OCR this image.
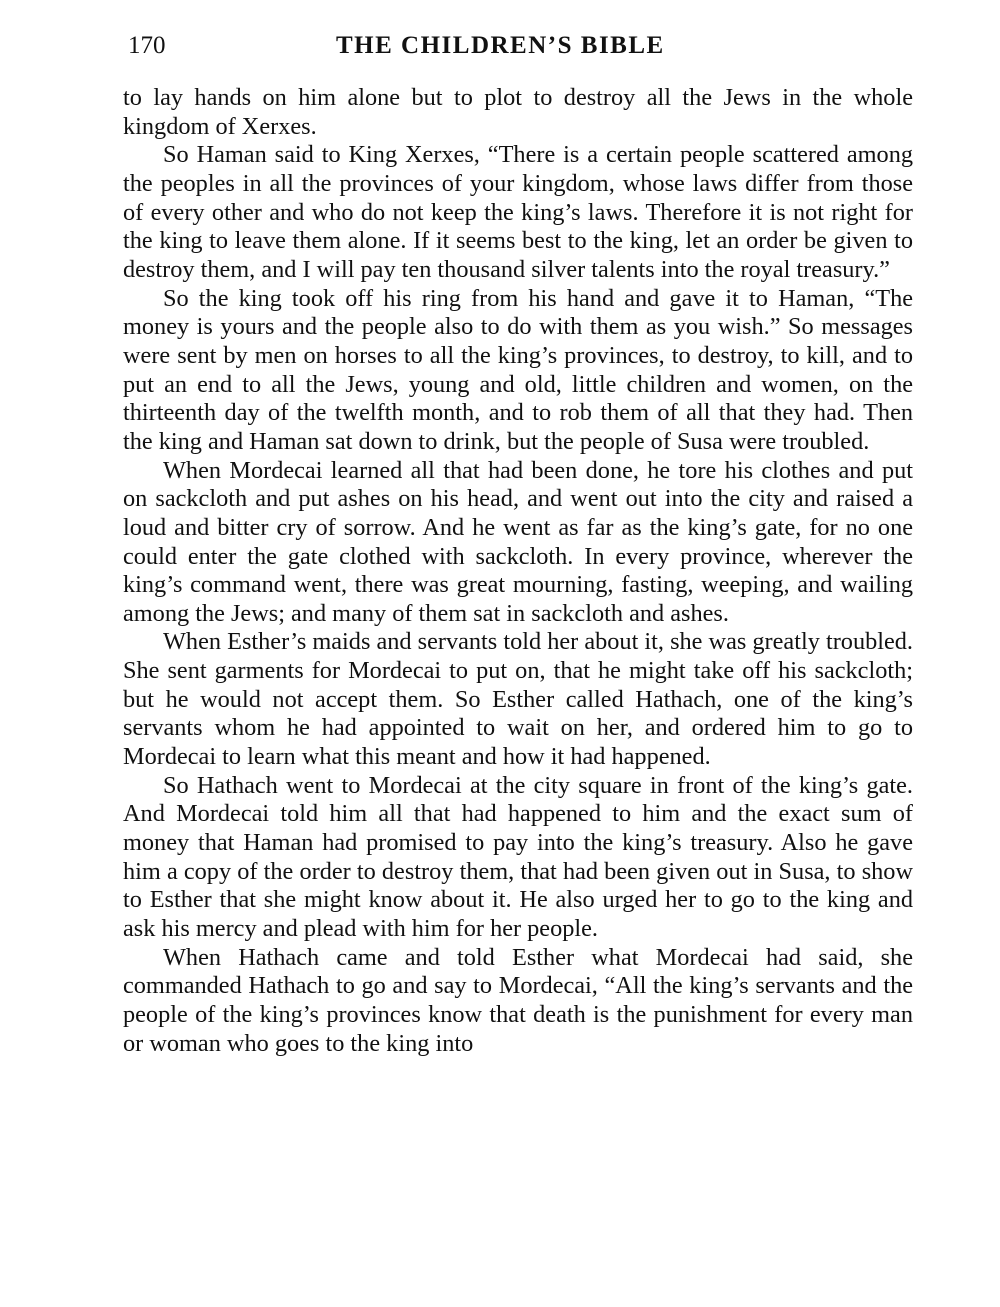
170	THE CHILDREN’S BIBLE

to lay hands on him alone but to plot to destroy all the Jews in the whole kingdom of Xerxes.

So Haman said to King Xerxes, “There is a certain people scattered among the peoples in all the provinces of your kingdom, whose laws differ from those of every other and who do not keep the king’s laws. Therefore it is not right for the king to leave them alone. If it seems best to the king, let an order be given to destroy them, and I will pay ten thousand silver talents into the royal treasury.”

So the king took off his ring from his hand and gave it to Haman, “The money is yours and the people also to do with them as you wish.” So messages were sent by men on horses to all the king’s provinces, to destroy, to kill, and to put an end to all the Jews, young and old, little children and women, on the thirteenth day of the twelfth month, and to rob them of all that they had. Then the king and Haman sat down to drink, but the people of Susa were troubled.

When Mordecai learned all that had been done, he tore his clothes and put on sackcloth and put ashes on his head, and went out into the city and raised a loud and bitter cry of sorrow. And he went as far as the king’s gate, for no one could enter the gate clothed with sackcloth. In every province, wherever the king’s command went, there was great mourning, fasting, weeping, and wailing among the Jews; and many of them sat in sackcloth and ashes.

When Esther’s maids and servants told her about it, she was greatly troubled. She sent garments for Mordecai to put on, that he might take off his sackcloth; but he would not accept them. So Esther called Hathach, one of the king’s servants whom he had appointed to wait on her, and ordered him to go to Mordecai to learn what this meant and how it had happened.

So Hathach went to Mordecai at the city square in front of the king’s gate. And Mordecai told him all that had happened to him and the exact sum of money that Haman had promised to pay into the king’s treasury. Also he gave him a copy of the order to destroy them, that had been given out in Susa, to show to Esther that she might know about it. He also urged her to go to the king and ask his mercy and plead with him for her people.

When Hathach came and told Esther what Mordecai had said, she commanded Hathach to go and say to Mordecai, “All the king’s servants and the people of the king’s provinces know that death is the punishment for every man or woman who goes to the king into
